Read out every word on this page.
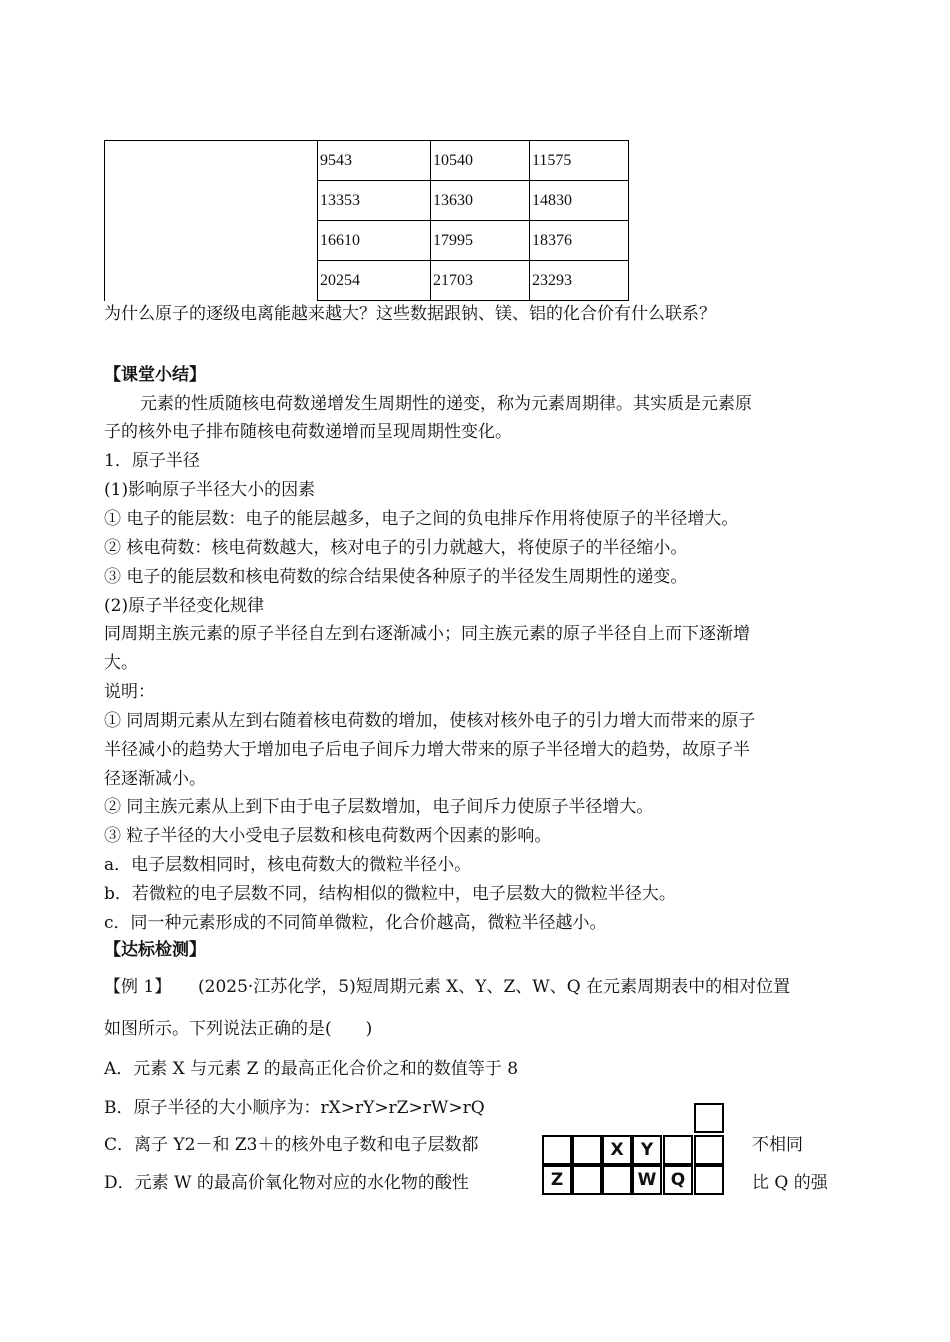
	9543	10540	11575
	13353	13630	14830
	16610	17995	18376
	20254	21703	23293
为什么原子的逐级电离能越来越大？这些数据跟钠、镁、铝的化合价有什么联系？
【课堂小结】
元素的性质随核电荷数递增发生周期性的递变，称为元素周期律。其实质是元素原
子的核外电子排布随核电荷数递增而呈现周期性变化。
1．原子半径
(1)影响原子半径大小的因素
① 电子的能层数：电子的能层越多，电子之间的负电排斥作用将使原子的半径增大。
② 核电荷数：核电荷数越大，核对电子的引力就越大，将使原子的半径缩小。
③ 电子的能层数和核电荷数的综合结果使各种原子的半径发生周期性的递变。
(2)原子半径变化规律
同周期主族元素的原子半径自左到右逐渐减小；同主族元素的原子半径自上而下逐渐增
大。
说明：
① 同周期元素从左到右随着核电荷数的增加，使核对核外电子的引力增大而带来的原子
半径减小的趋势大于增加电子后电子间斥力增大带来的原子半径增大的趋势，故原子半
径逐渐减小。
② 同主族元素从上到下由于电子层数增加，电子间斥力使原子半径增大。
③ 粒子半径的大小受电子层数和核电荷数两个因素的影响。
a．电子层数相同时，核电荷数大的微粒半径小。
b．若微粒的电子层数不同，结构相似的微粒中，电子层数大的微粒半径大。
c．同一种元素形成的不同简单微粒，化合价越高，微粒半径越小。
【达标检测】
【例 1】 (2025·江苏化学，5)短周期元素 X、Y、Z、W、Q 在元素周期表中的相对位置
如图所示。下列说法正确的是(　　)
A．元素 X 与元素 Z 的最高正化合价之和的数值等于 8
B．原子半径的大小顺序为：rX>rY>rZ>rW>rQ
C．离子 Y2－和 Z3＋的核外电子数和电子层数都	不相同
D．元素 W 的最高价氧化物对应的水化物的酸性	比 Q 的强
X	Y
Z	W Q
